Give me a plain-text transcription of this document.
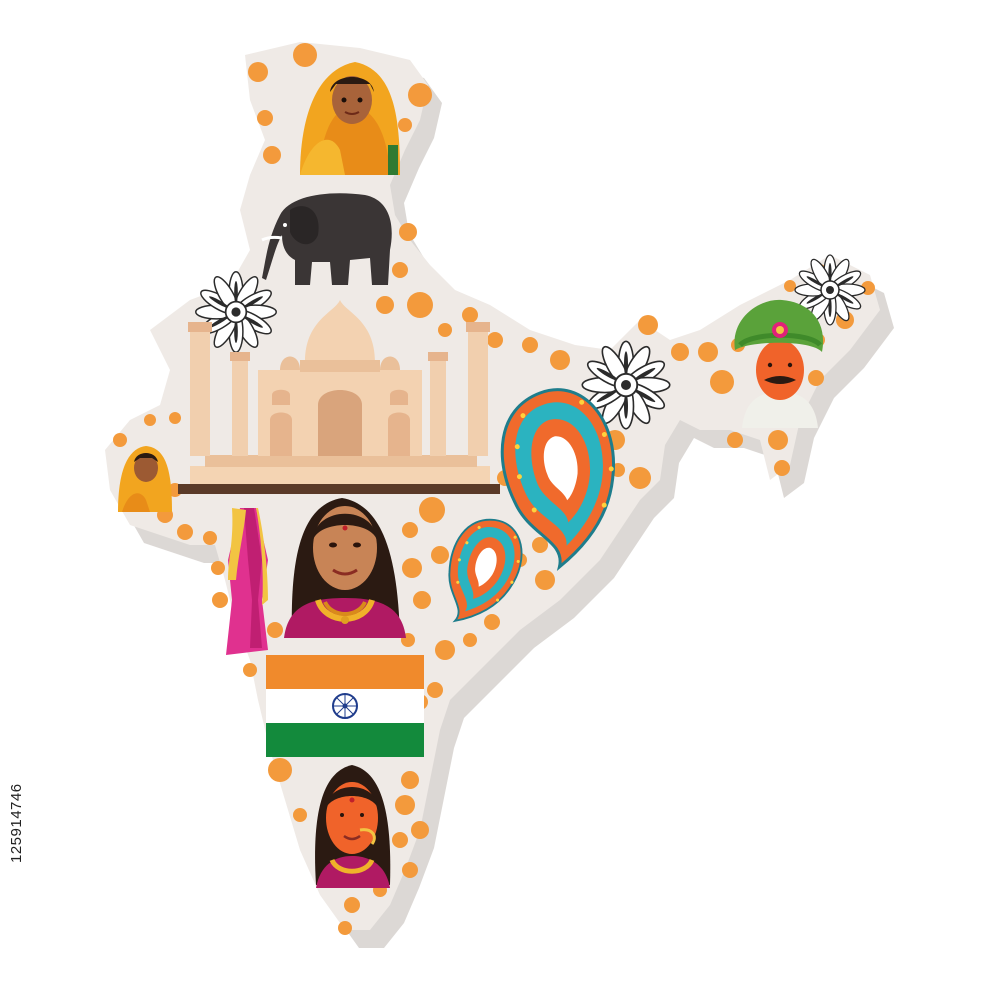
125914746
